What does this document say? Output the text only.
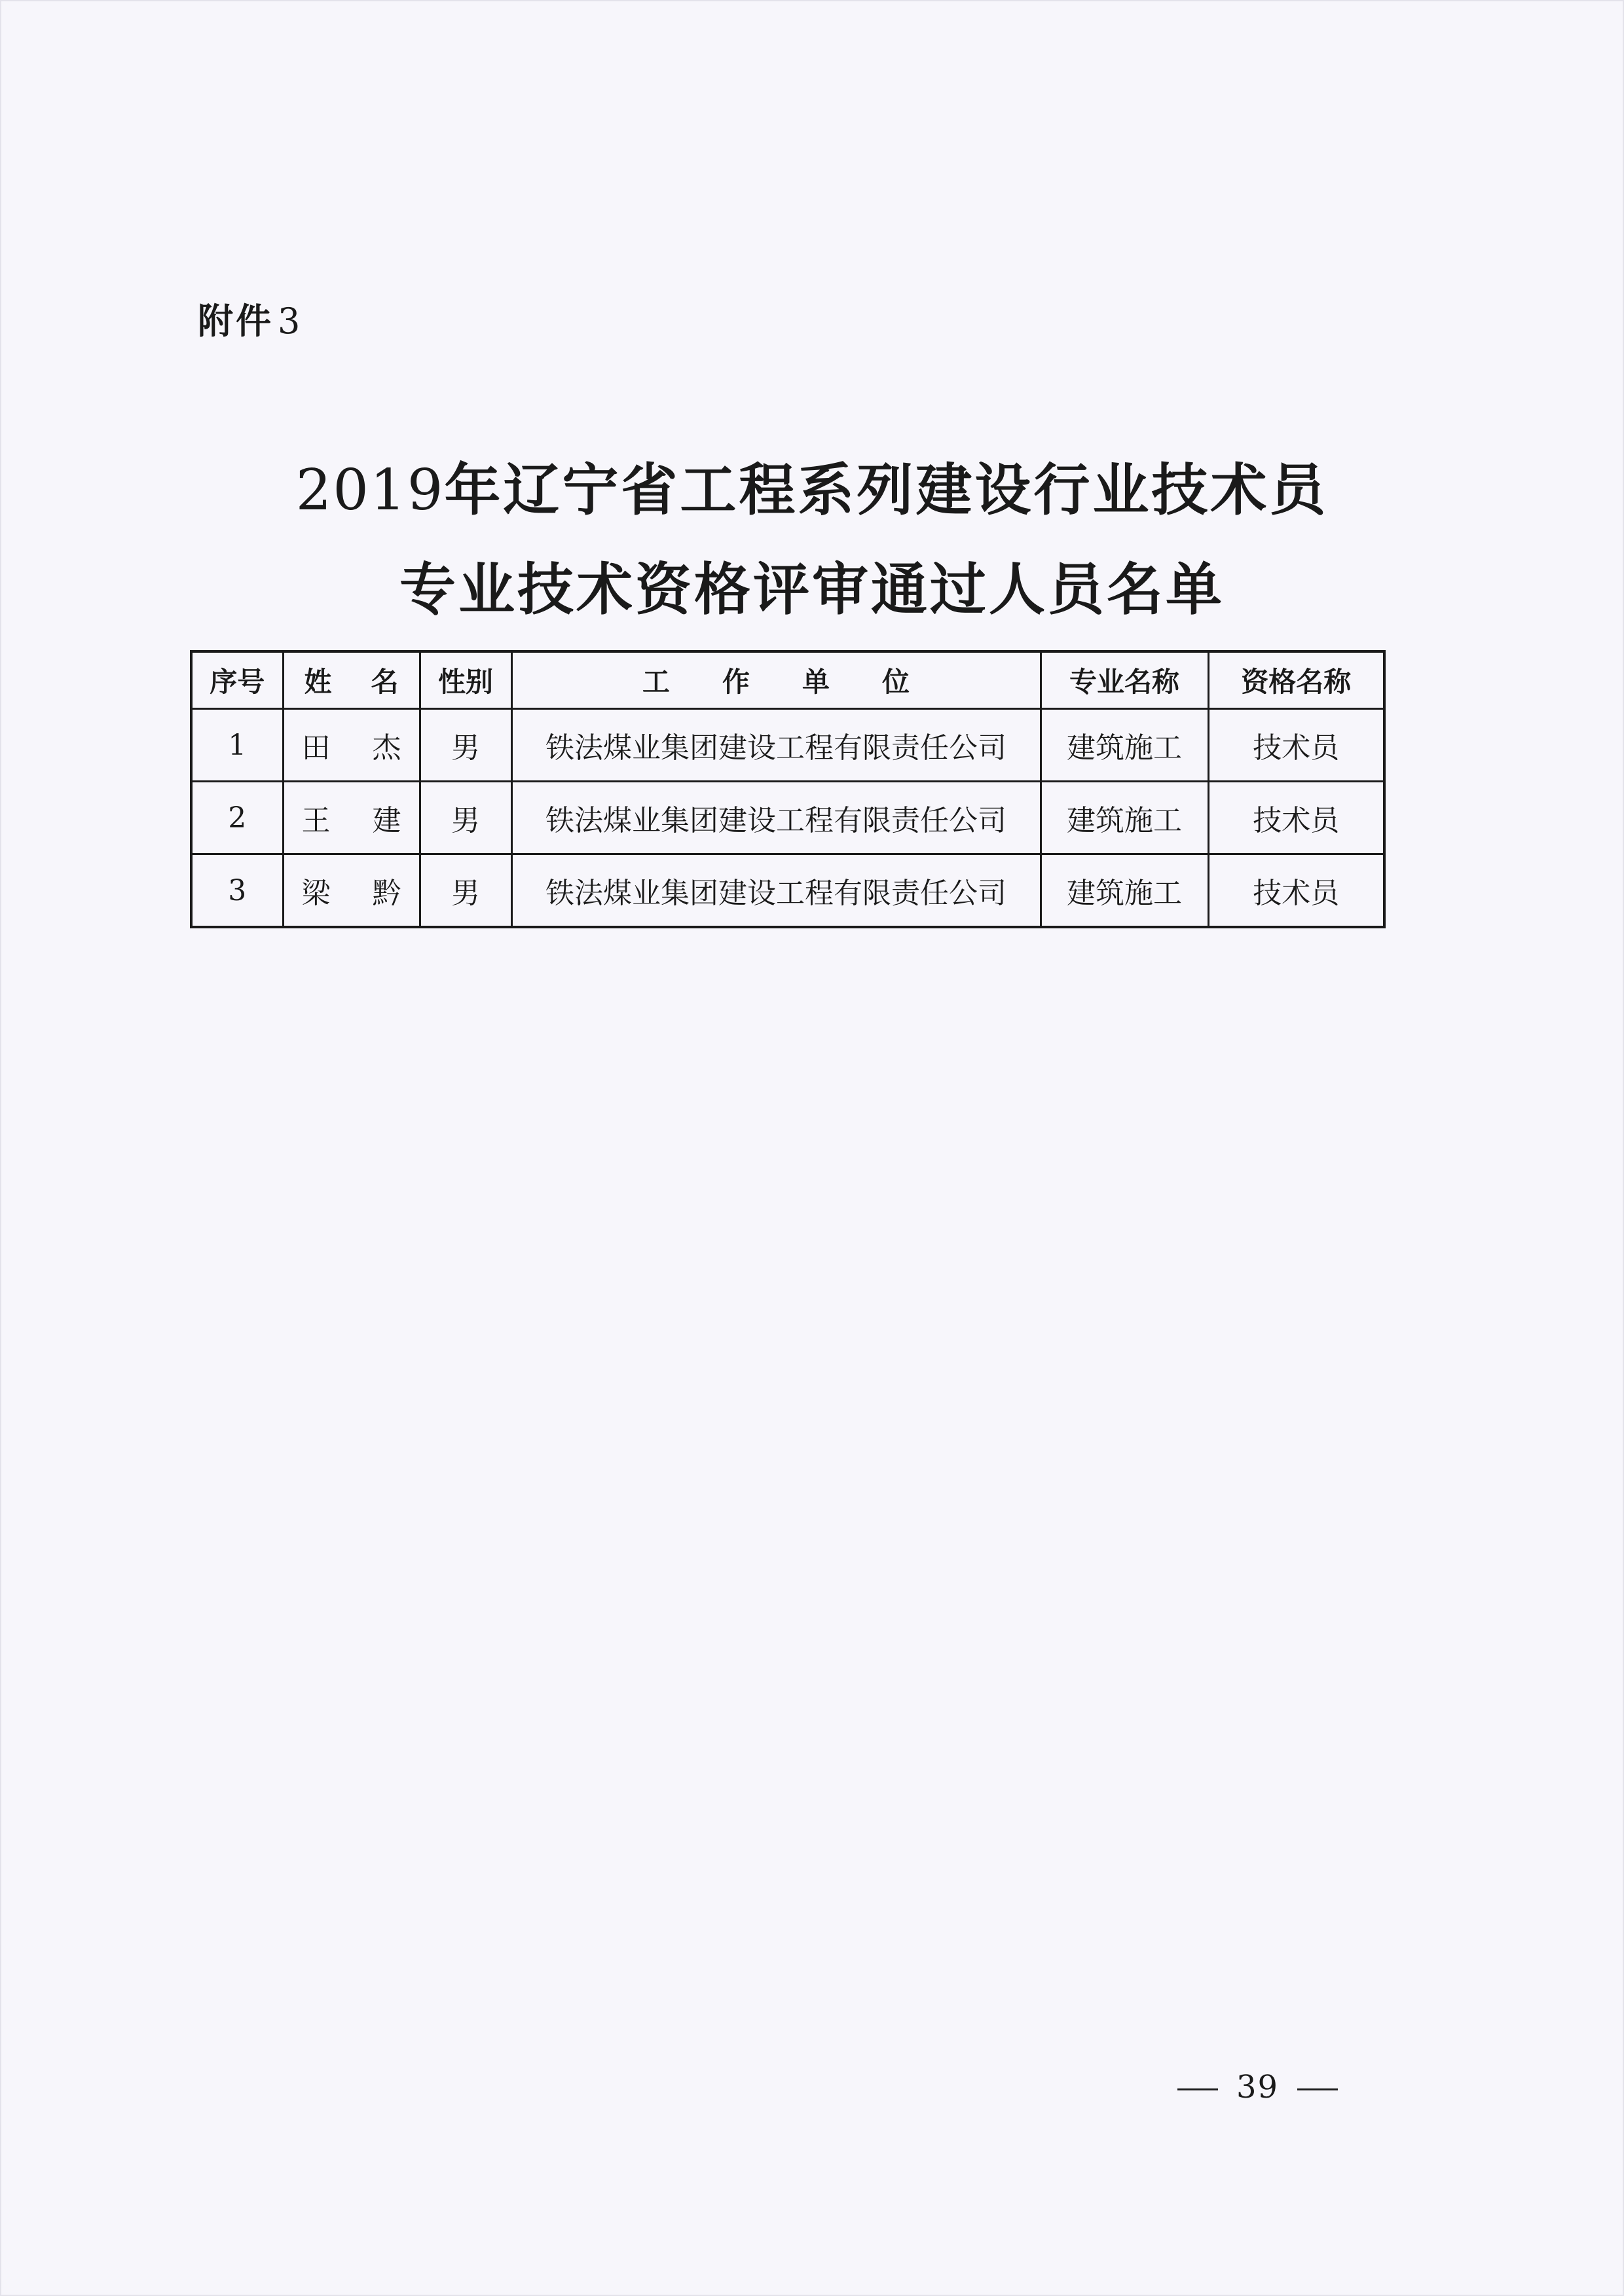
附件 3
2019年辽宁省工程系列建设行业技术员
专业技术资格评审通过人员名单
序号	姓名	性别	工作单位	专业名称	资格名称
1	田杰	男	铁法煤业集团建设工程有限责任公司	建筑施工	技术员
2	王建	男	铁法煤业集团建设工程有限责任公司	建筑施工	技术员
3	梁黔	男	铁法煤业集团建设工程有限责任公司	建筑施工	技术员
39
